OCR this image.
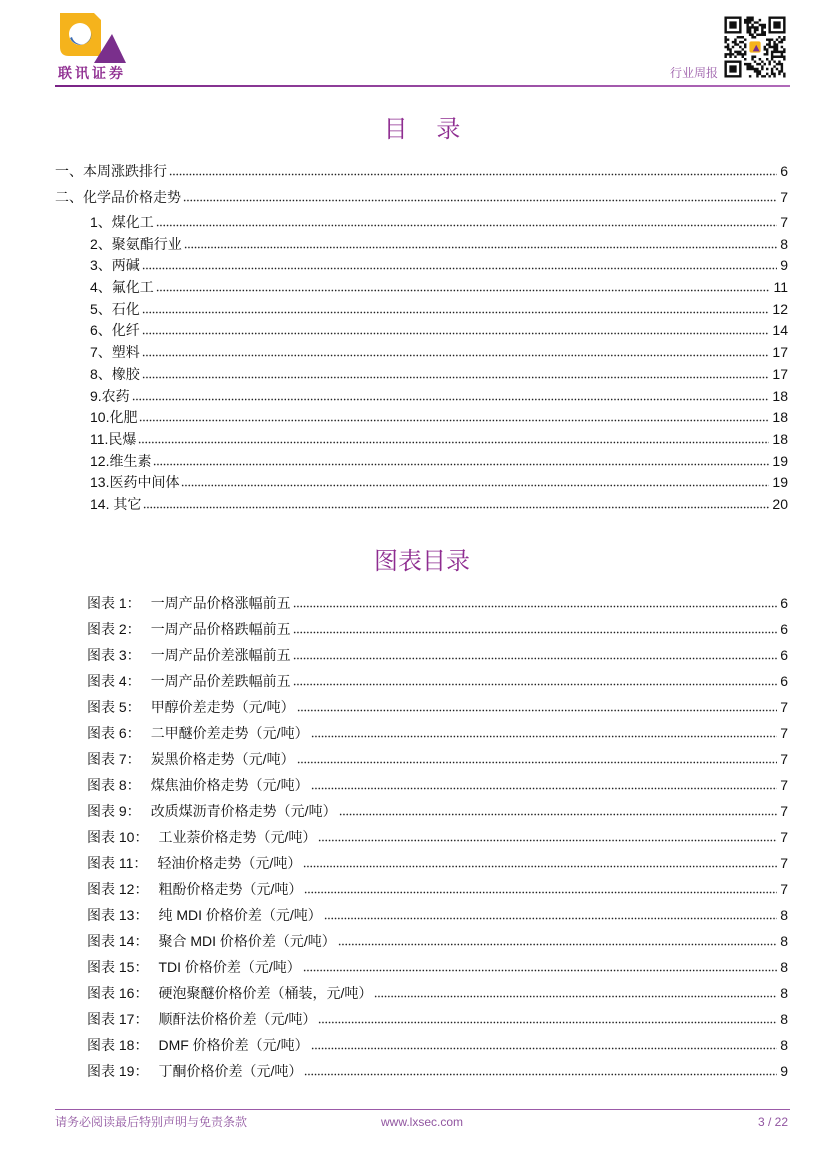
联讯证券	行业周报
目 录
一、本周涨跌排行	6
二、化学品价格走势	7
1、煤化工	7
2、聚氨酯行业	8
3、两碱	9
4、氟化工	11
5、石化	12
6、化纤	14
7、塑料	17
8、橡胶	17
9.农药	18
10.化肥	18
11.民爆	18
12.维生素	19
13.医药中间体	19
14. 其它	20
图表目录
图表 1： 一周产品价格涨幅前五	6
图表 2： 一周产品价格跌幅前五	6
图表 3： 一周产品价差涨幅前五	6
图表 4： 一周产品价差跌幅前五	6
图表 5： 甲醇价差走势（元/吨）	7
图表 6： 二甲醚价差走势（元/吨）	7
图表 7： 炭黑价格走势（元/吨）	7
图表 8： 煤焦油价格走势（元/吨）	7
图表 9： 改质煤沥青价格走势（元/吨）	7
图表 10： 工业萘价格走势（元/吨）	7
图表 11： 轻油价格走势（元/吨）	7
图表 12： 粗酚价格走势（元/吨）	7
图表 13： 纯 MDI 价格价差（元/吨）	8
图表 14： 聚合 MDI 价格价差（元/吨）	8
图表 15： TDI 价格价差（元/吨）	8
图表 16： 硬泡聚醚价格价差（桶装，元/吨）	8
图表 17： 顺酐法价格价差（元/吨）	8
图表 18： DMF 价格价差（元/吨）	8
图表 19： 丁酮价格价差（元/吨）	9
请务必阅读最后特别声明与免责条款	www.lxsec.com	3 / 22
